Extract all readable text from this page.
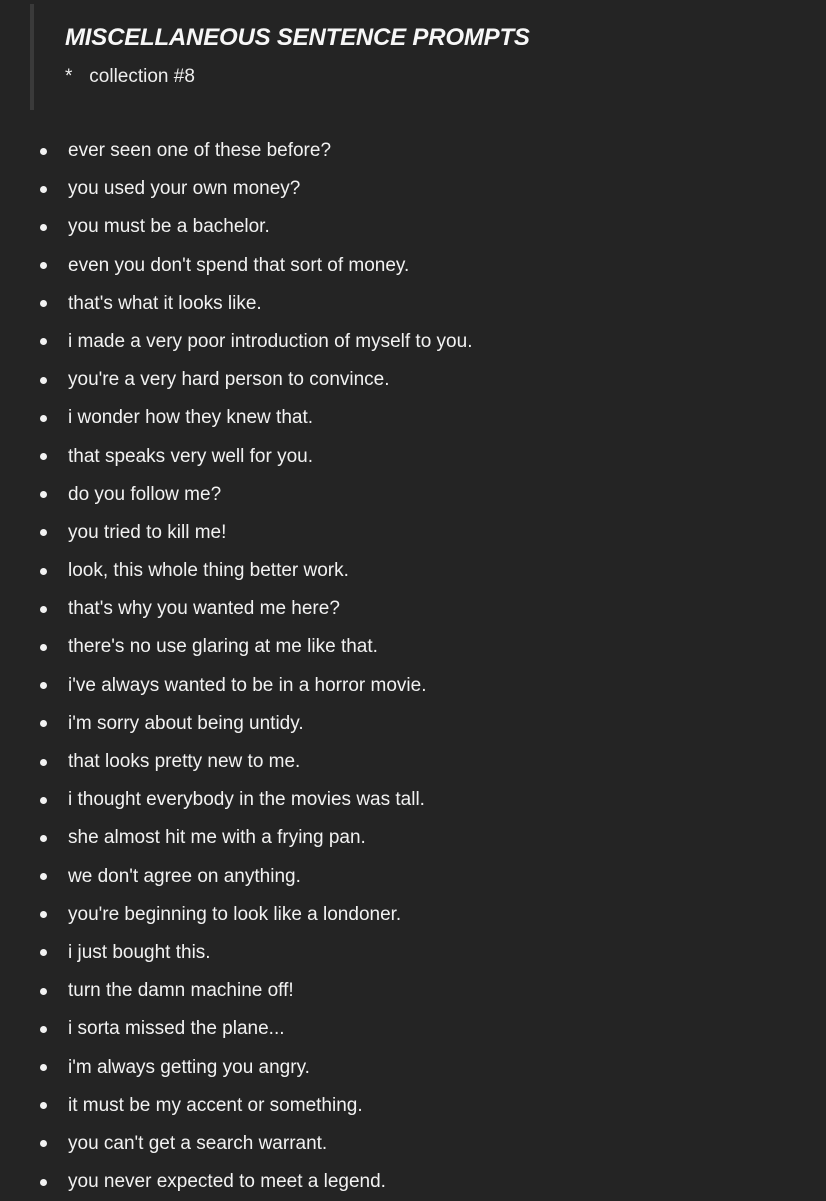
MISCELLANEOUS SENTENCE PROMPTS
* collection #8
ever seen one of these before?
you used your own money?
you must be a bachelor.
even you don't spend that sort of money.
that's what it looks like.
i made a very poor introduction of myself to you.
you're a very hard person to convince.
i wonder how they knew that.
that speaks very well for you.
do you follow me?
you tried to kill me!
look, this whole thing better work.
that's why you wanted me here?
there's no use glaring at me like that.
i've always wanted to be in a horror movie.
i'm sorry about being untidy.
that looks pretty new to me.
i thought everybody in the movies was tall.
she almost hit me with a frying pan.
we don't agree on anything.
you're beginning to look like a londoner.
i just bought this.
turn the damn machine off!
i sorta missed the plane...
i'm always getting you angry.
it must be my accent or something.
you can't get a search warrant.
you never expected to meet a legend.
